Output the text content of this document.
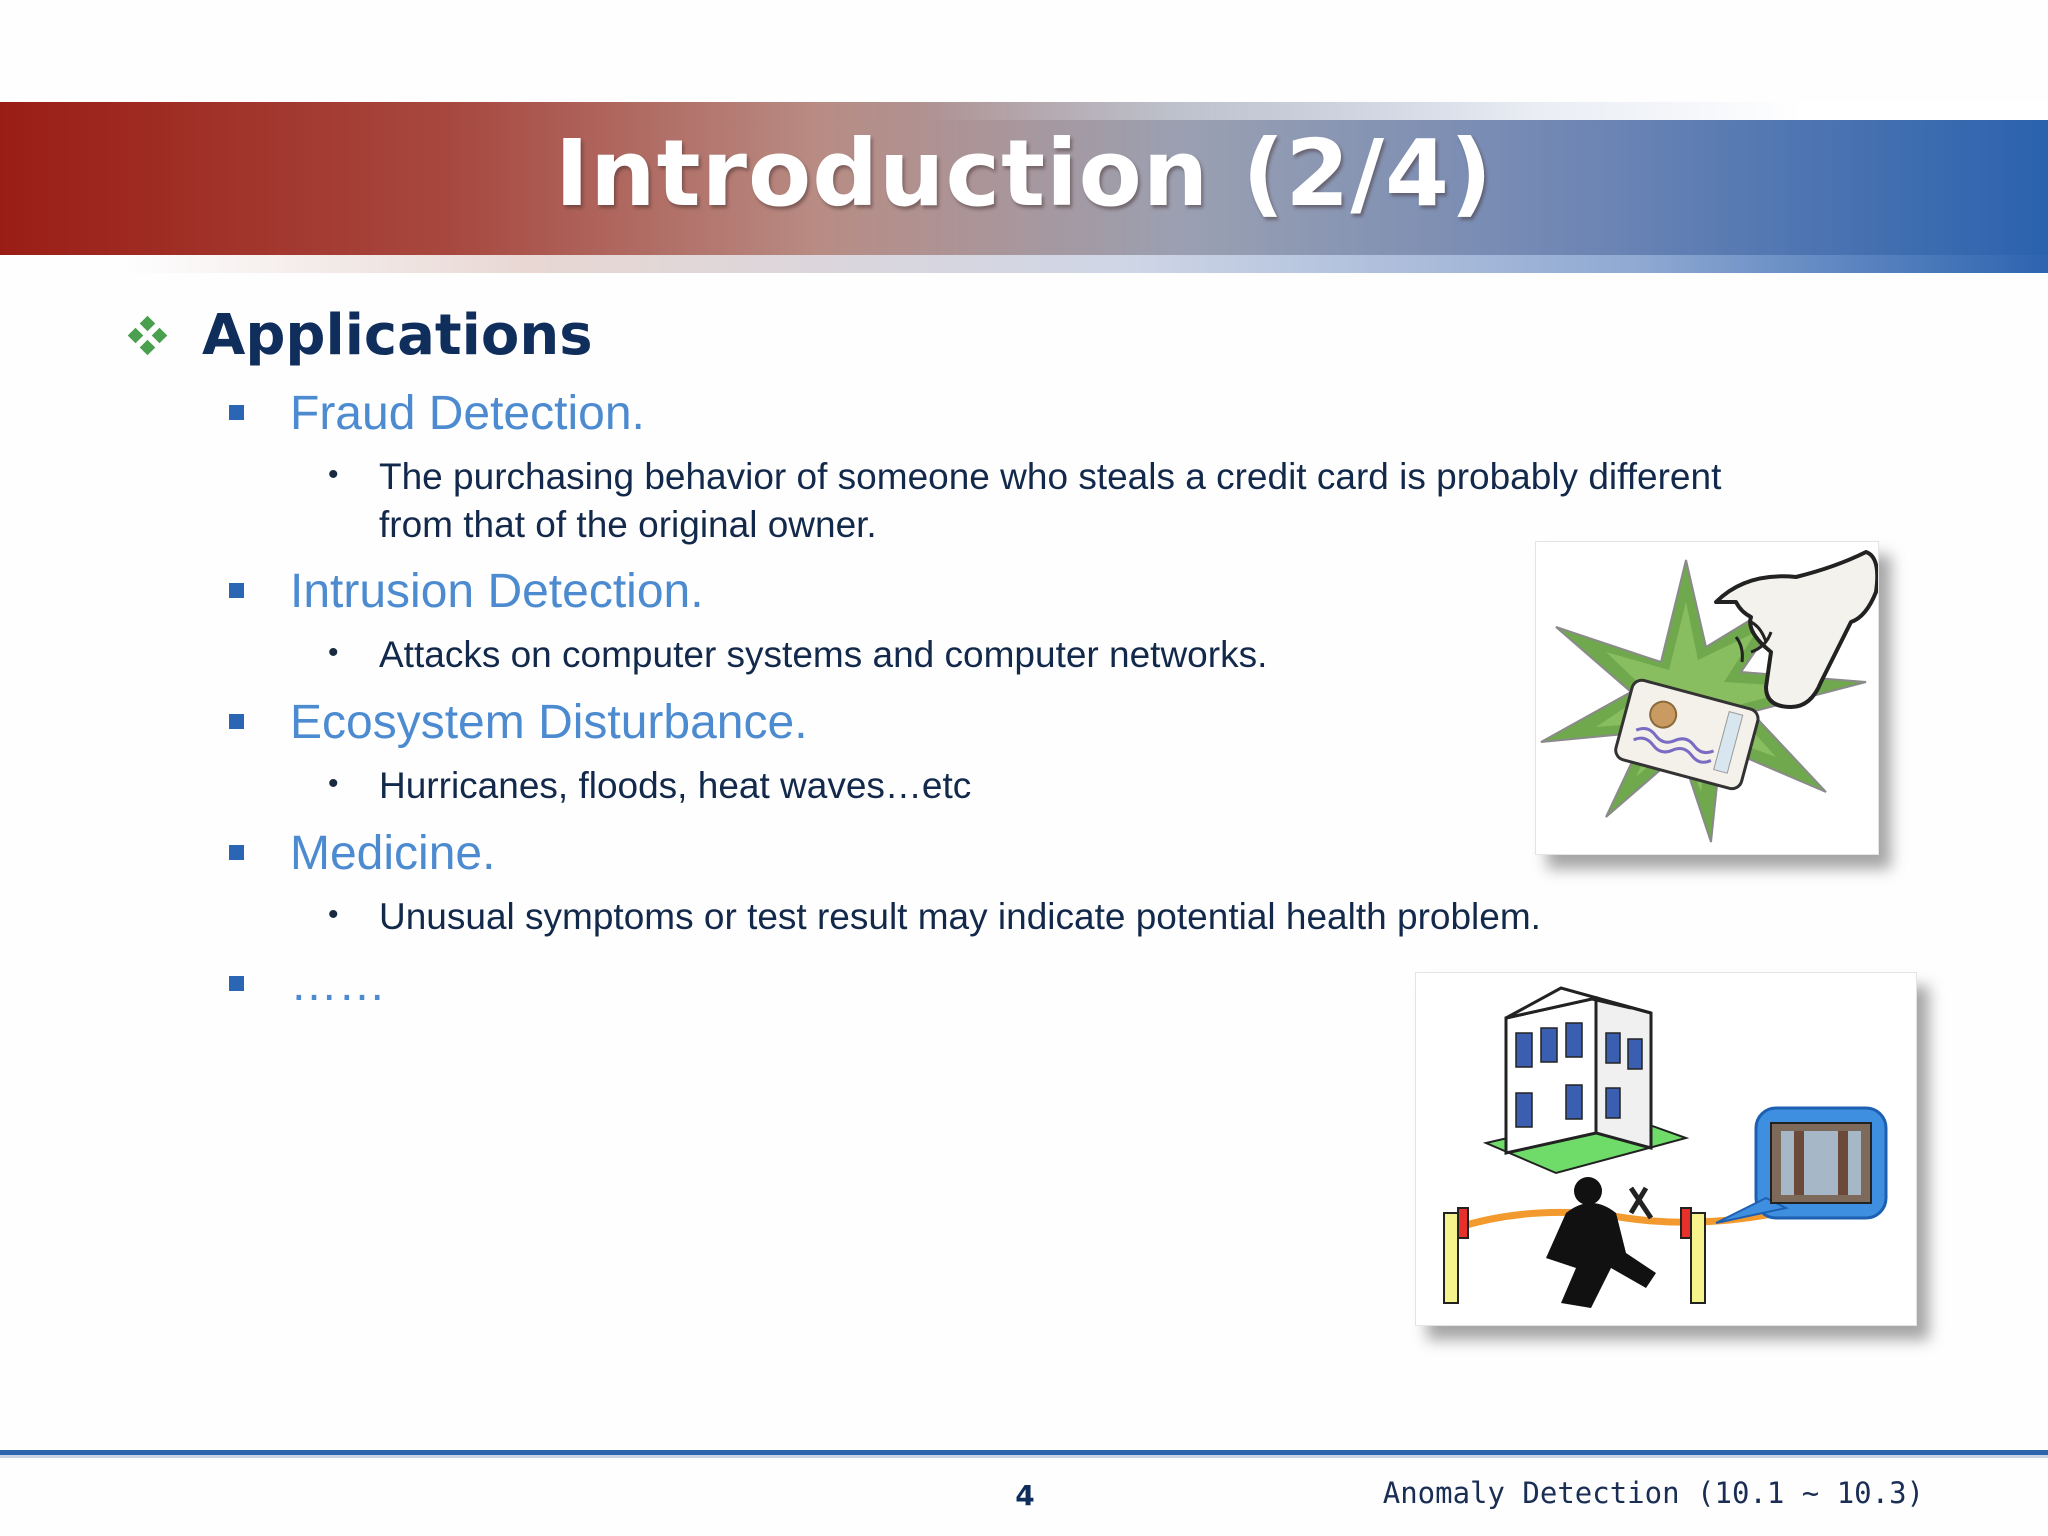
Introduction (2/4)
Applications
Fraud Detection.
• The purchasing behavior of someone who steals a credit card is probably different
from that of the original owner.
Intrusion Detection.
• Attacks on computer systems and computer networks.
Ecosystem Disturbance.
• Hurricanes, floods, heat waves…etc
Medicine.
• Unusual symptoms or test result may indicate potential health problem.
……
4	Anomaly Detection (10.1 ~ 10.3)
